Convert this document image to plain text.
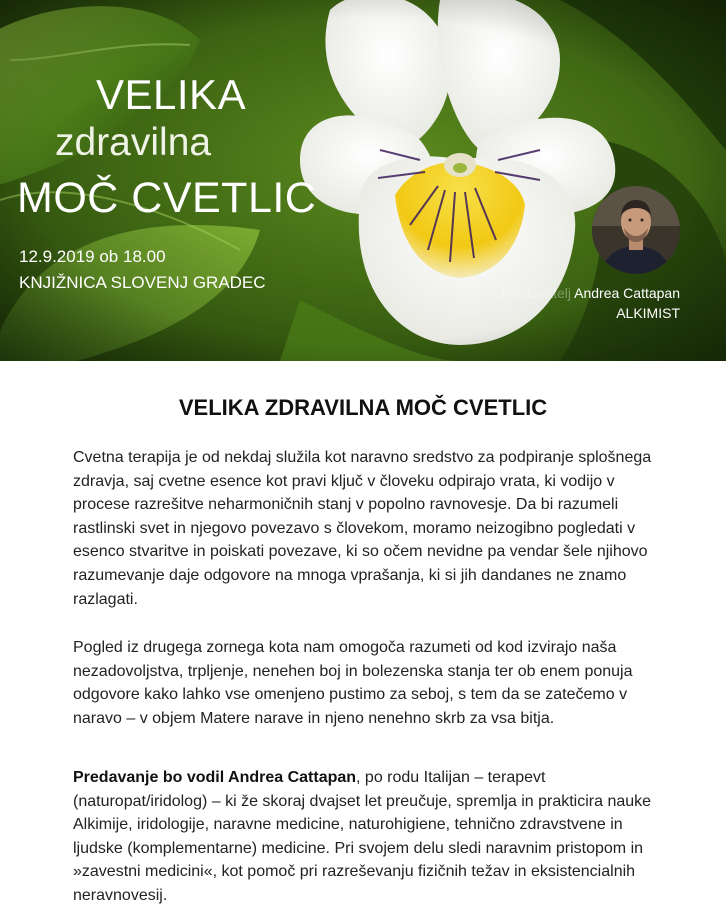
VELIKA
zdravilna
MOČ CVETLIC
12.9.2019 ob 18.00
KNJIŽNICA SLOVENJ GRADEC
Predavatelj Andrea Cattapan
ALKIMIST
VELIKA ZDRAVILNA MOČ CVETLIC

Cvetna terapija je od nekdaj služila kot naravno sredstvo za podpiranje splošnega zdravja, saj cvetne esence kot pravi ključ v človeku odpirajo vrata, ki vodijo v procese razrešitve neharmoničnih stanj v popolno ravnovesje. Da bi razumeli rastlinski svet in njegovo povezavo s človekom, moramo neizogibno pogledati v esenco stvaritve in poiskati povezave, ki so očem nevidne pa vendar šele njihovo razumevanje daje odgovore na mnoga vprašanja, ki si jih dandanes ne znamo razlagati.

Pogled iz drugega zornega kota nam omogoča razumeti od kod izvirajo naša nezadovoljstva, trpljenje, nenehen boj in bolezenska stanja ter ob enem ponuja odgovore kako lahko vse omenjeno pustimo za seboj, s tem da se zatečemo v naravo – v objem Matere narave in njeno nenehno skrb za vsa bitja.

Predavanje bo vodil Andrea Cattapan, po rodu Italijan – terapevt (naturopat/iridolog) – ki že skoraj dvajset let preučuje, spremlja in prakticira nauke Alkimije, iridologije, naravne medicine, naturohigiene, tehnično zdravstvene in ljudske (komplementarne) medicine. Pri svojem delu sledi naravnim pristopom in »zavestni medicini«, kot pomoč pri razreševanju fizičnih težav in eksistencialnih neravnovesij.
